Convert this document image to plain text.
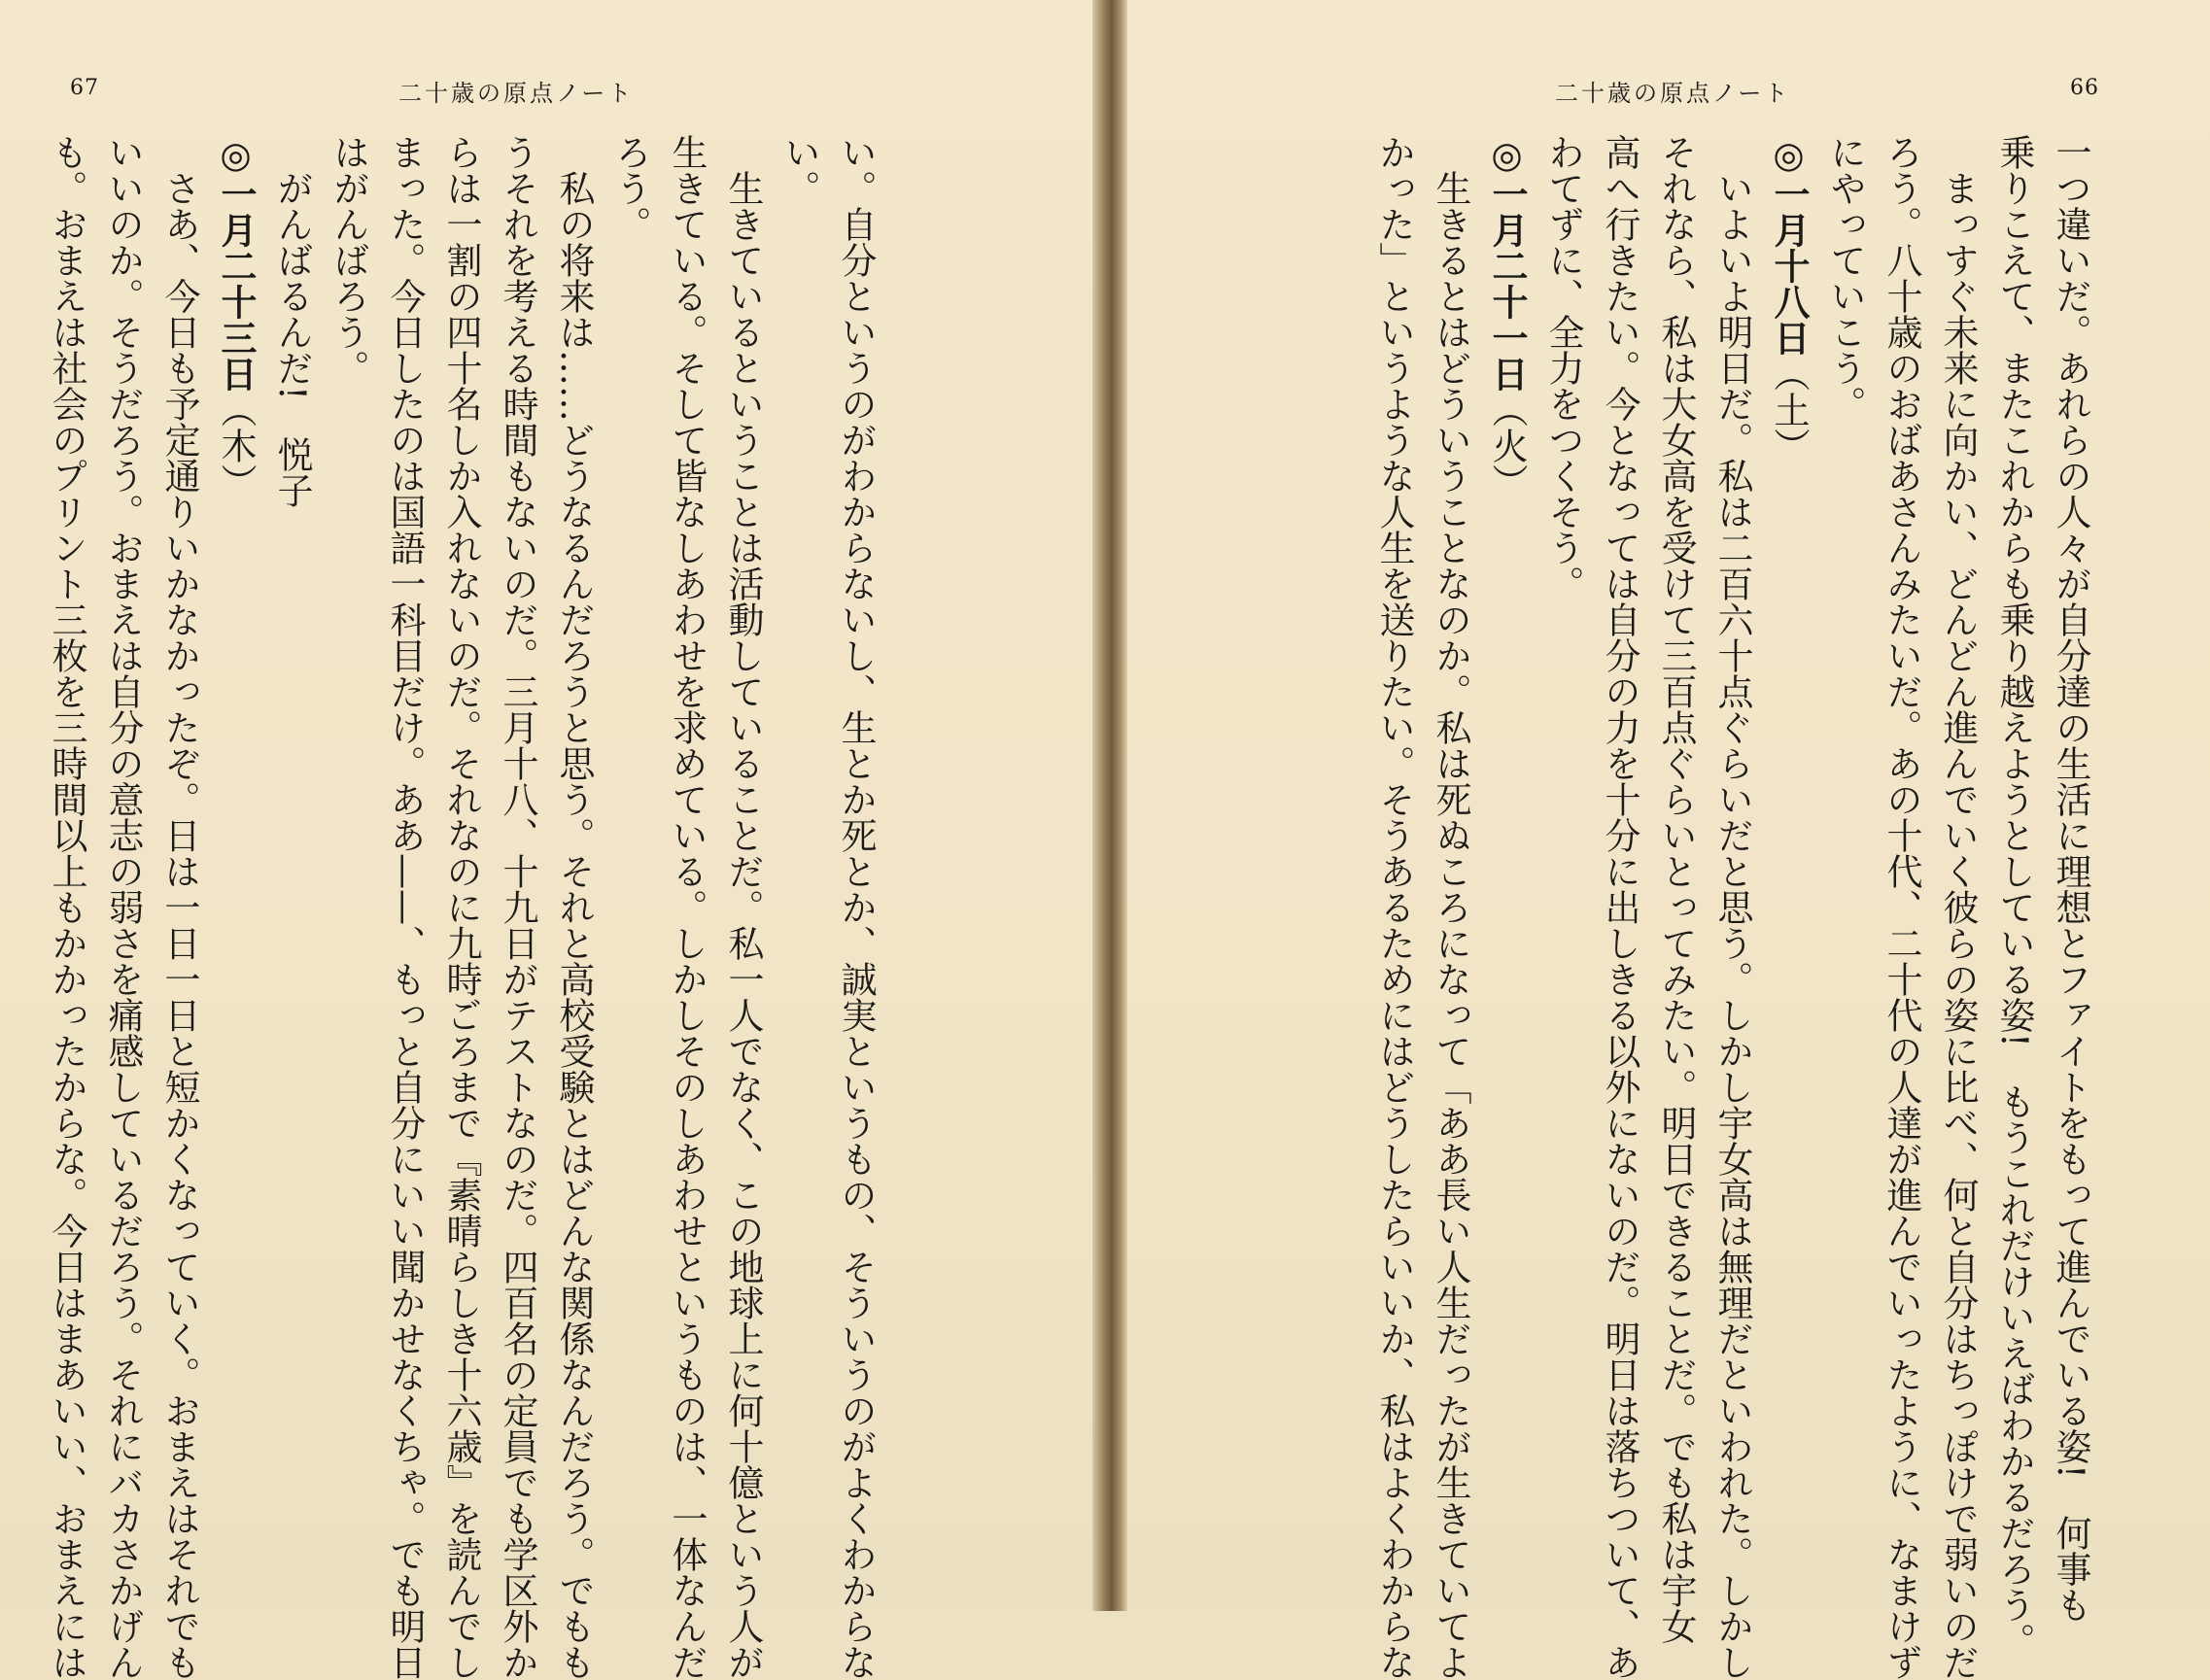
67	二十歳の原点ノート
い。自分というのがわからないし、生とか死とか、誠実というもの、そういうのがよくわからな
い。
生きているということは活動していることだ。私一人でなく、この地球上に何十億という人が
生きている。そして皆なしあわせを求めている。しかしそのしあわせというものは、一体なんだ
ろう。
私の将来は……どうなるんだろうと思う。それと高校受験とはどんな関係なんだろう。でもも
うそれを考える時間もないのだ。三月十八、十九日がテストなのだ。四百名の定員でも学区外か
らは一割の四十名しか入れないのだ。それなのに九時ごろまで『素晴らしき十六歳』を読んでし
まった。今日したのは国語一科目だけ。ああ——、もっと自分にいい聞かせなくちゃ。でも明日
はがんばろう。
がんばるんだ!　悦子
◎一月二十三日（木）
さあ、今日も予定通りいかなかったぞ。日は一日一日と短かくなっていく。おまえはそれでも
いいのか。そうだろう。おまえは自分の意志の弱さを痛感しているだろう。それにバカさかげん
も。おまえは社会のプリント三枚を三時間以上もかかったからな。今日はまあいい、おまえには
二十歳の原点ノート	66
一つ違いだ。あれらの人々が自分達の生活に理想とファイトをもって進んでいる姿!　何事も
乗りこえて、またこれからも乗り越えようとしている姿!　もうこれだけいえばわかるだろう。
まっすぐ未来に向かい、どんどん進んでいく彼らの姿に比べ、何と自分はちっぽけで弱いのだ
ろう。八十歳のおばあさんみたいだ。あの十代、二十代の人達が進んでいったように、なまけず
にやっていこう。
◎一月十八日（土）
いよいよ明日だ。私は二百六十点ぐらいだと思う。しかし宇女高は無理だといわれた。しかし
それなら、私は大女高を受けて三百点ぐらいとってみたい。明日できることだ。でも私は宇女
高へ行きたい。今となっては自分の力を十分に出しきる以外にないのだ。明日は落ちついて、あ
わてずに、全力をつくそう。
◎一月二十一日（火）
生きるとはどういうことなのか。私は死ぬころになって「ああ長い人生だったが生きていてよ
かった」というような人生を送りたい。そうあるためにはどうしたらいいか、私はよくわからな
